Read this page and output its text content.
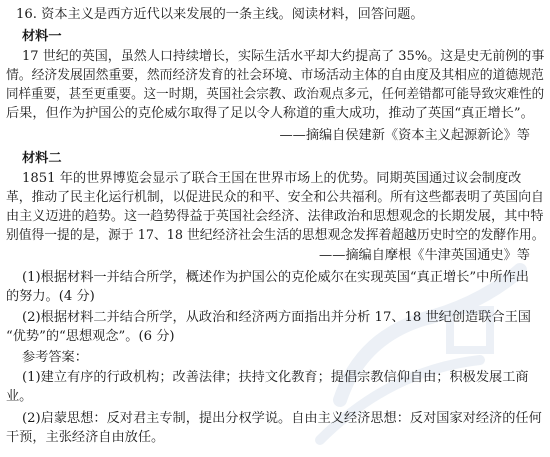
16. 资本主义是西方近代以来发展的一条主线。阅读材料，回答问题。
材料一
17 世纪的英国，虽然人口持续增长，实际生活水平却大约提高了 35%。这是史无前例的事
情。经济发展固然重要，然而经济发育的社会环境、市场活动主体的自由度及其相应的道德规范
同样重要，甚至更重要。这一时期，英国社会宗教、政治观点多元，任何差错都可能导致灾难性的
后果，但作为护国公的克伦威尔取得了足以令人称道的重大成功，推动了英国“真正增长”。
——摘编自侯建新《资本主义起源新论》等
材料二
1851 年的世界博览会显示了联合王国在世界市场上的优势。同期英国通过议会制度改
革，推动了民主化运行机制，以促进民众的和平、安全和公共福利。所有这些都表明了英国向自
由主义迈进的趋势。这一趋势得益于英国社会经济、法律政治和思想观念的长期发展，其中特
别值得一提的是，源于 17、18 世纪经济社会生活的思想观念发挥着超越历史时空的发酵作用。
——摘编自摩根《牛津英国通史》等
(1)根据材料一并结合所学，概述作为护国公的克伦威尔在实现英国“真正增长”中所作出
的努力。(4 分)
(2)根据材料二并结合所学，从政治和经济两方面指出并分析 17、18 世纪创造联合王国
“优势”的“思想观念”。(6 分)
参考答案：
(1)建立有序的行政机构；改善法律；扶持文化教育；提倡宗教信仰自由；积极发展工商
业。
(2)启蒙思想：反对君主专制，提出分权学说。自由主义经济思想：反对国家对经济的任何
干预，主张经济自由放任。
